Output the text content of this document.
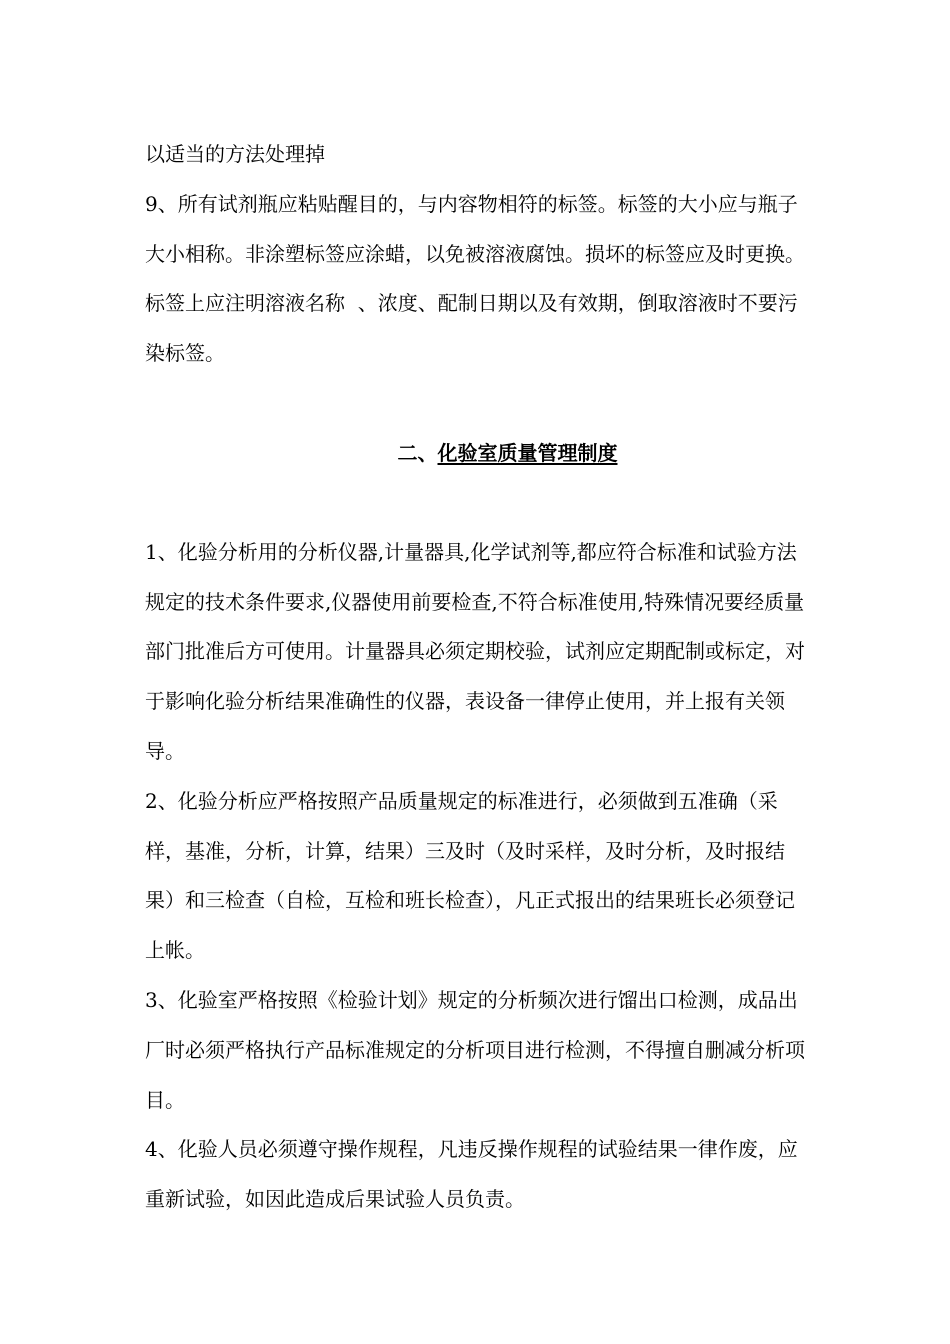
以适当的方法处理掉

9、所有试剂瓶应粘贴醒目的，与内容物相符的标签。标签的大小应与瓶子大小相称。非涂塑标签应涂蜡，以免被溶液腐蚀。损坏的标签应及时更换。标签上应注明溶液名称  、浓度、配制日期以及有效期，倒取溶液时不要污染标签。

二、化验室质量管理制度

1、化验分析用的分析仪器,计量器具,化学试剂等,都应符合标准和试验方法规定的技术条件要求,仪器使用前要检查,不符合标准使用,特殊情况要经质量部门批准后方可使用。计量器具必须定期校验，试剂应定期配制或标定，对于影响化验分析结果准确性的仪器，表设备一律停止使用，并上报有关领导。

2、化验分析应严格按照产品质量规定的标准进行，必须做到五准确（采样，基准，分析，计算，结果）三及时（及时采样，及时分析，及时报结果）和三检查（自检，互检和班长检查），凡正式报出的结果班长必须登记上帐。

3、化验室严格按照《检验计划》规定的分析频次进行馏出口检测，成品出厂时必须严格执行产品标准规定的分析项目进行检测，不得擅自删减分析项目。

4、化验人员必须遵守操作规程，凡违反操作规程的试验结果一律作废，应重新试验，如因此造成后果试验人员负责。
